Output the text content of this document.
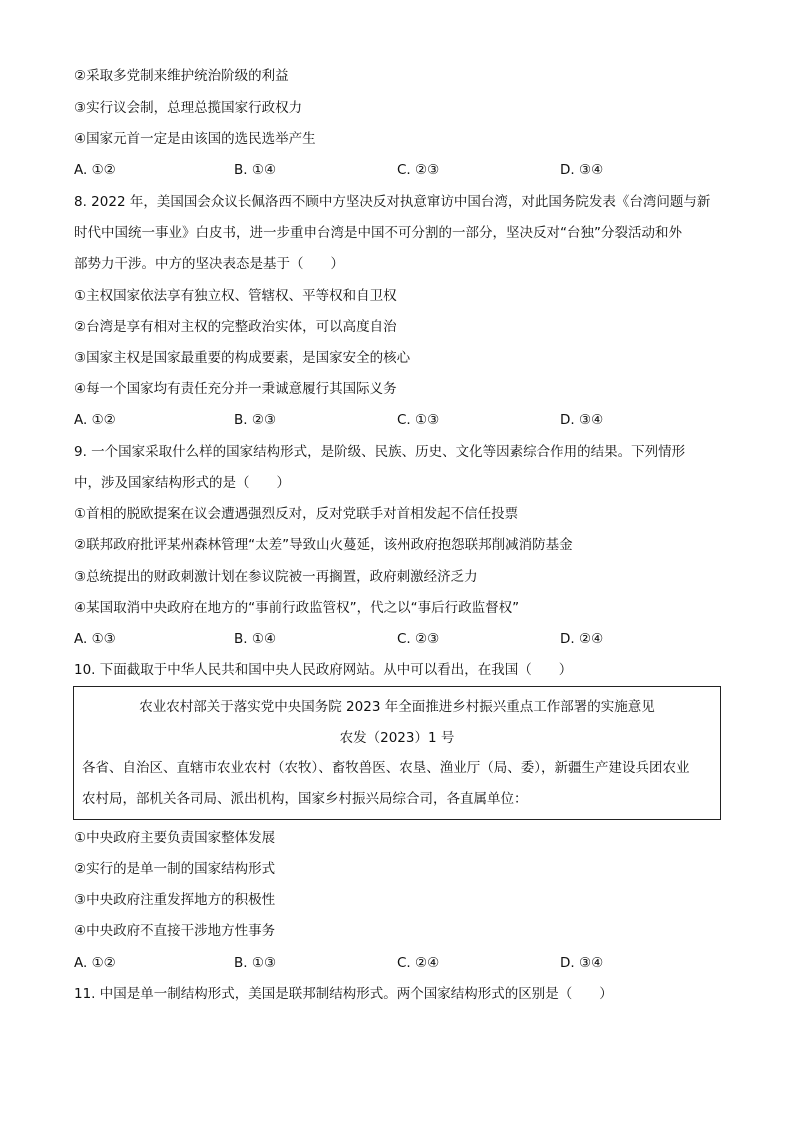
②采取多党制来维护统治阶级的利益
③实行议会制，总理总揽国家行政权力
④国家元首一定是由该国的选民选举产生
A. ①②	B. ①④	C. ②③	D. ③④
8. 2022 年，美国国会众议长佩洛西不顾中方坚决反对执意窜访中国台湾，对此国务院发表《台湾问题与新
时代中国统一事业》白皮书，进一步重申台湾是中国不可分割的一部分，坚决反对“台独”分裂活动和外
部势力干涉。中方的坚决表态是基于（　　）
①主权国家依法享有独立权、管辖权、平等权和自卫权
②台湾是享有相对主权的完整政治实体，可以高度自治
③国家主权是国家最重要的构成要素，是国家安全的核心
④每一个国家均有责任充分并一秉诚意履行其国际义务
A. ①②	B. ②③	C. ①③	D. ③④
9. 一个国家采取什么样的国家结构形式，是阶级、民族、历史、文化等因素综合作用的结果。下列情形
中，涉及国家结构形式的是（　　）
①首相的脱欧提案在议会遭遇强烈反对，反对党联手对首相发起不信任投票
②联邦政府批评某州森林管理“太差”导致山火蔓延，该州政府抱怨联邦削减消防基金
③总统提出的财政刺激计划在参议院被一再搁置，政府刺激经济乏力
④某国取消中央政府在地方的“事前行政监管权”，代之以“事后行政监督权”
A. ①③	B. ①④	C. ②③	D. ②④
10. 下面截取于中华人民共和国中央人民政府网站。从中可以看出，在我国（　　）
农业农村部关于落实党中央国务院 2023 年全面推进乡村振兴重点工作部署的实施意见
农发（2023）1 号
各省、自治区、直辖市农业农村（农牧）、畜牧兽医、农垦、渔业厅（局、委），新疆生产建设兵团农业
农村局，部机关各司局、派出机构，国家乡村振兴局综合司，各直属单位：
①中央政府主要负责国家整体发展
②实行的是单一制的国家结构形式
③中央政府注重发挥地方的积极性
④中央政府不直接干涉地方性事务
A. ①②	B. ①③	C. ②④	D. ③④
11. 中国是单一制结构形式，美国是联邦制结构形式。两个国家结构形式的区别是（　　）
